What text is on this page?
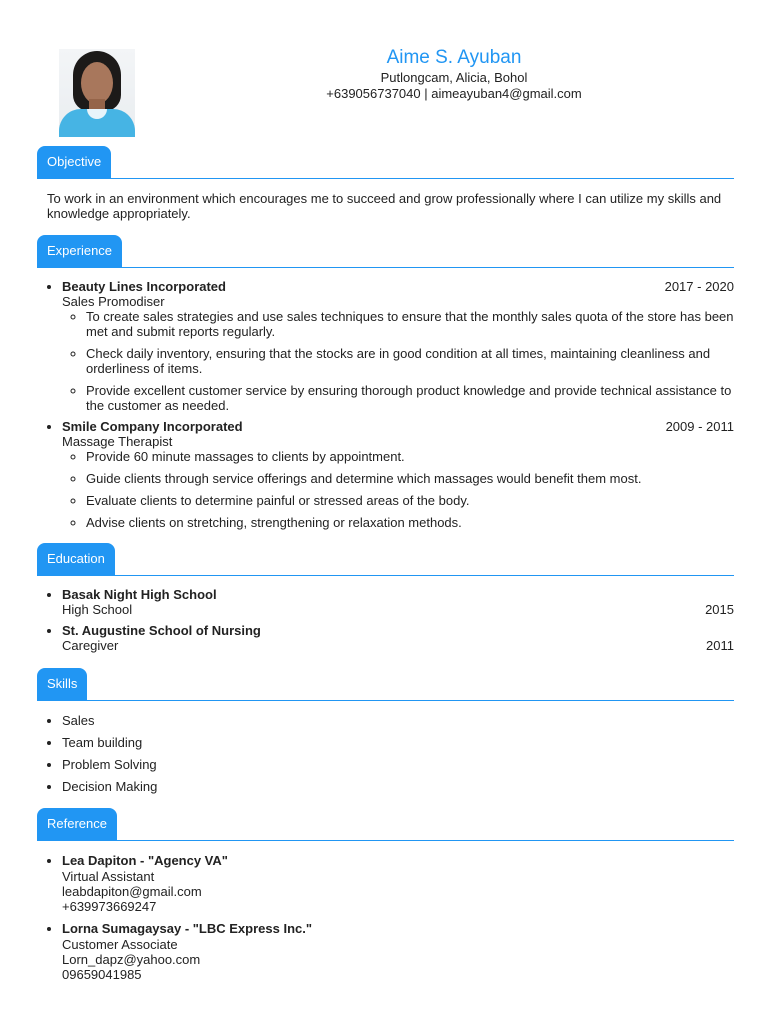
Aime S. Ayuban
Putlongcam, Alicia, Bohol
+639056737040 | aimeayuban4@gmail.com
Objective

To work in an environment which encourages me to succeed and grow professionally where I can utilize my skills and knowledge appropriately.

Experience
• Beauty Lines Incorporated	2017 - 2020
Sales Promodiser
◦ To create sales strategies and use sales techniques to ensure that the monthly sales quota of the store has been met and submit reports regularly.
◦ Check daily inventory, ensuring that the stocks are in good condition at all times, maintaining cleanliness and orderliness of items.
◦ Provide excellent customer service by ensuring thorough product knowledge and provide technical assistance to the customer as needed.
• Smile Company Incorporated	2009 - 2011
Massage Therapist
◦ Provide 60 minute massages to clients by appointment.
◦ Guide clients through service offerings and determine which massages would benefit them most.
◦ Evaluate clients to determine painful or stressed areas of the body.
◦ Advise clients on stretching, strengthening or relaxation methods.
Education
• Basak Night High School
High School	2015
• St. Augustine School of Nursing
Caregiver	2011
Skills
• Sales
• Team building
• Problem Solving
• Decision Making
Reference
• Lea Dapiton - "Agency VA"
Virtual Assistant
leabdapiton@gmail.com
+639973669247
• Lorna Sumagaysay - "LBC Express Inc."
Customer Associate
Lorn_dapz@yahoo.com
09659041985
